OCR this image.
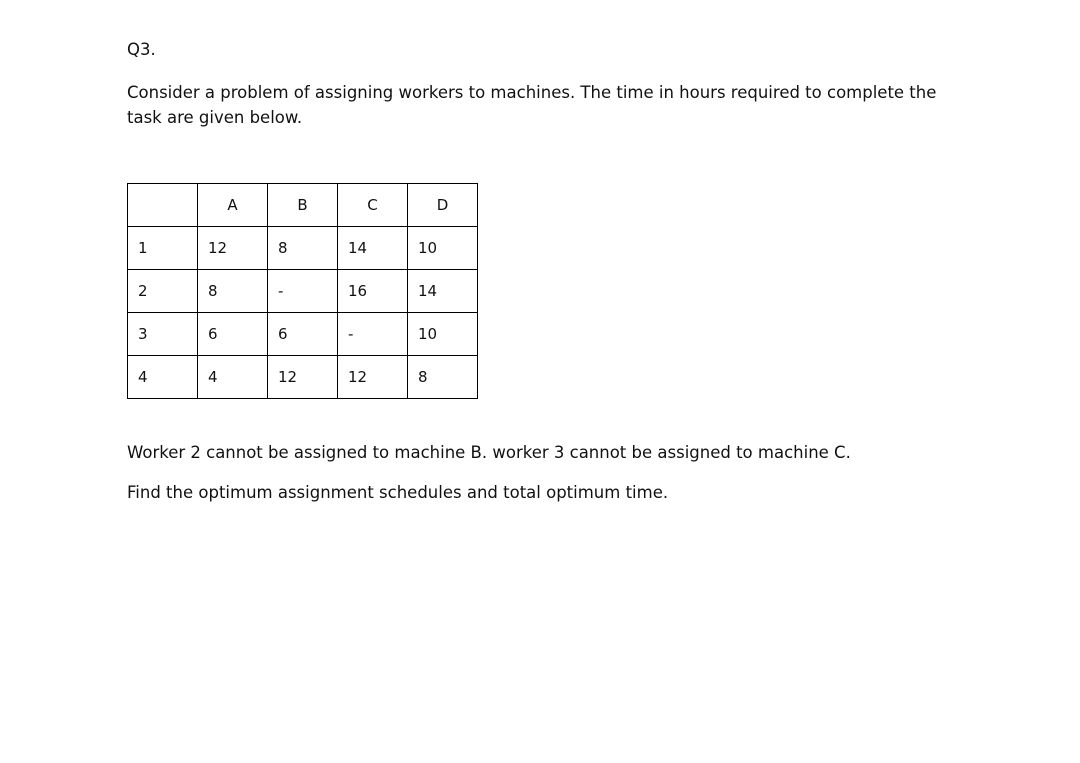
Q3.
Consider a problem of assigning workers to machines. The time in hours required to complete the task are given below.

	A	B	C	D

1	12	8	14	10

2	8	-	16	14

3	6	6	-	10

4	4	12	12	8
Worker 2 cannot be assigned to machine B. worker 3 cannot be assigned to machine C.
Find the optimum assignment schedules and total optimum time.
